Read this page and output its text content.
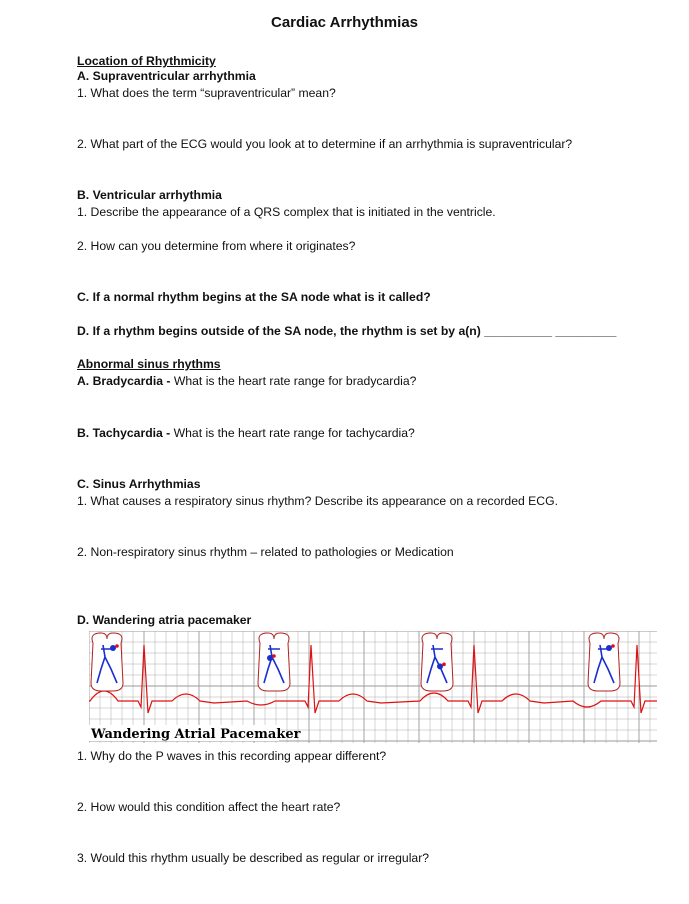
Cardiac Arrhythmias
Location of Rhythmicity
A. Supraventricular arrhythmia
1. What does the term “supraventricular” mean?
2. What part of the ECG would you look at to determine if an arrhythmia is supraventricular?
B. Ventricular arrhythmia
1. Describe the appearance of a QRS complex that is initiated in the ventricle.
2. How can you determine from where it originates?
C. If a normal rhythm begins at the SA node what is it called?
D. If a rhythm begins outside of the SA node, the rhythm is set by a(n) __________ _________
Abnormal sinus rhythms
A. Bradycardia - What is the heart rate range for bradycardia?
B. Tachycardia - What is the heart rate range for tachycardia?
C. Sinus Arrhythmias
1. What causes a respiratory sinus rhythm? Describe its appearance on a recorded ECG.
2. Non-respiratory sinus rhythm – related to pathologies or Medication
D. Wandering atria pacemaker
Wandering Atrial Pacemaker
1. Why do the P waves in this recording appear different?
2. How would this condition affect the heart rate?
3. Would this rhythm usually be described as regular or irregular?
